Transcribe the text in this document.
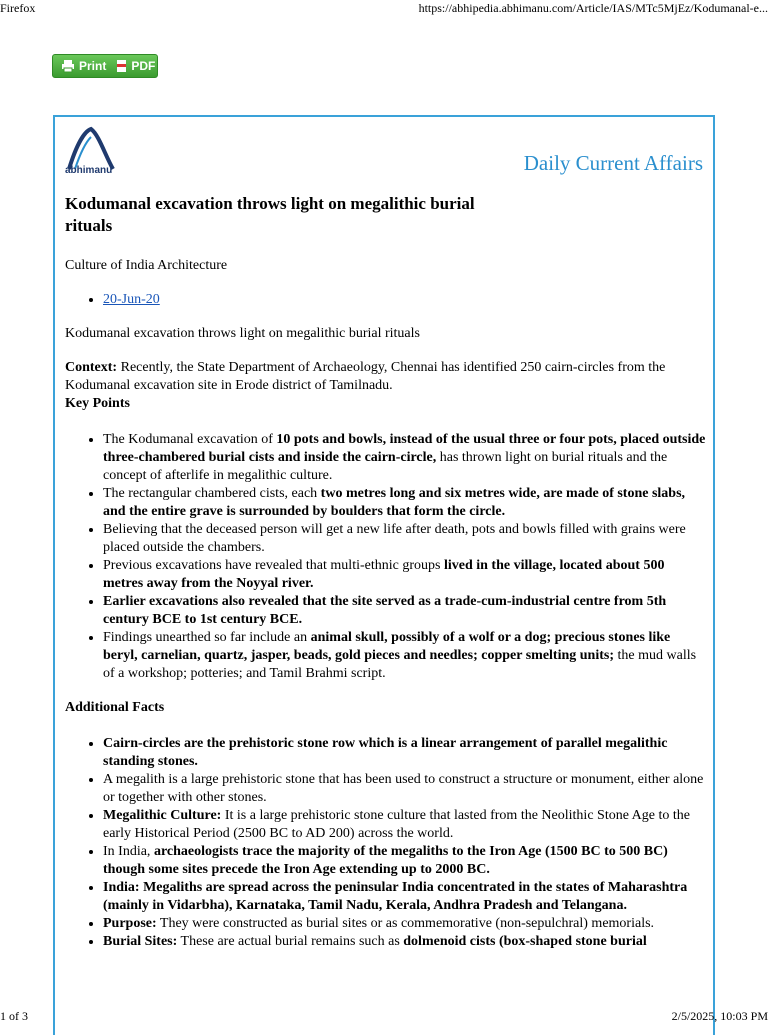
Firefox	https://abhipedia.abhimanu.com/Article/IAS/MTc5MjEz/Kodumanal-e...
Print PDF
abhimanu	Daily Current Affairs
Kodumanal excavation throws light on megalithic burial rituals

Culture of India Architecture

• 20-Jun-20

Kodumanal excavation throws light on megalithic burial rituals

Context: Recently, the State Department of Archaeology, Chennai has identified 250 cairn-circles from the Kodumanal excavation site in Erode district of Tamilnadu.

Key Points

• The Kodumanal excavation of 10 pots and bowls, instead of the usual three or four pots, placed outside three-chambered burial cists and inside the cairn-circle, has thrown light on burial rituals and the concept of afterlife in megalithic culture.
• The rectangular chambered cists, each two metres long and six metres wide, are made of stone slabs, and the entire grave is surrounded by boulders that form the circle.
• Believing that the deceased person will get a new life after death, pots and bowls filled with grains were placed outside the chambers.
• Previous excavations have revealed that multi-ethnic groups lived in the village, located about 500 metres away from the Noyyal river.
• Earlier excavations also revealed that the site served as a trade-cum-industrial centre from 5th century BCE to 1st century BCE.
• Findings unearthed so far include an animal skull, possibly of a wolf or a dog; precious stones like beryl, carnelian, quartz, jasper, beads, gold pieces and needles; copper smelting units; the mud walls of a workshop; potteries; and Tamil Brahmi script.

Additional Facts

• Cairn-circles are the prehistoric stone row which is a linear arrangement of parallel megalithic standing stones.
• A megalith is a large prehistoric stone that has been used to construct a structure or monument, either alone or together with other stones.
• Megalithic Culture: It is a large prehistoric stone culture that lasted from the Neolithic Stone Age to the early Historical Period (2500 BC to AD 200) across the world.
• In India, archaeologists trace the majority of the megaliths to the Iron Age (1500 BC to 500 BC) though some sites precede the Iron Age extending up to 2000 BC.
• India: Megaliths are spread across the peninsular India concentrated in the states of Maharashtra (mainly in Vidarbha), Karnataka, Tamil Nadu, Kerala, Andhra Pradesh and Telangana.
• Purpose: They were constructed as burial sites or as commemorative (non-sepulchral) memorials.
• Burial Sites: These are actual burial remains such as dolmenoid cists (box-shaped stone burial
1 of 3	2/5/2025, 10:03 PM
